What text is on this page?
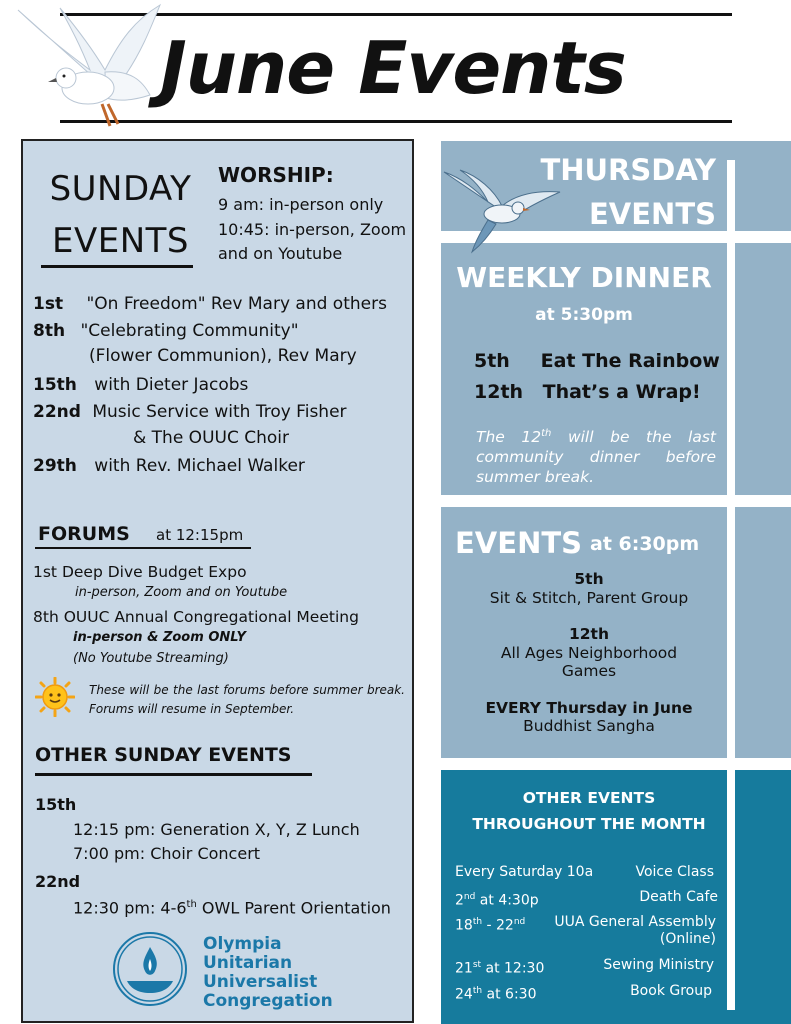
June Events
SUNDAY
EVENTS
WORSHIP:
9 am: in-person only
10:45: in-person, Zoom
and on Youtube
1st "On Freedom" Rev Mary and others
8th "Celebrating Community"
(Flower Communion), Rev Mary
15th with Dieter Jacobs
22nd Music Service with Troy Fisher
& The OUUC Choir
29th with Rev. Michael Walker
FORUMS at 12:15pm
1st Deep Dive Budget Expo
in-person, Zoom and on Youtube
8th OUUC Annual Congregational Meeting
in-person & Zoom ONLY
(No Youtube Streaming)
These will be the last forums before summer break. Forums will resume in September.
OTHER SUNDAY EVENTS
15th
12:15 pm: Generation X, Y, Z Lunch
7:00 pm: Choir Concert
22nd
12:30 pm: 4-6th OWL Parent Orientation
Olympia
Unitarian
Universalist
Congregation
THURSDAY
EVENTS
WEEKLY DINNER
at 5:30pm
5th Eat The Rainbow
12th That’s a Wrap!
The 12th will be the last community dinner before summer break.
EVENTS at 6:30pm
5th
Sit & Stitch, Parent Group
12th
All Ages Neighborhood
Games
EVERY Thursday in June
Buddhist Sangha
OTHER EVENTS
THROUGHOUT THE MONTH
Every Saturday 10a	Voice Class
2nd at 4:30p	Death Cafe
18th - 22nd	UUA General Assembly
(Online)
21st at 12:30	Sewing Ministry
24th at 6:30	Book Group
